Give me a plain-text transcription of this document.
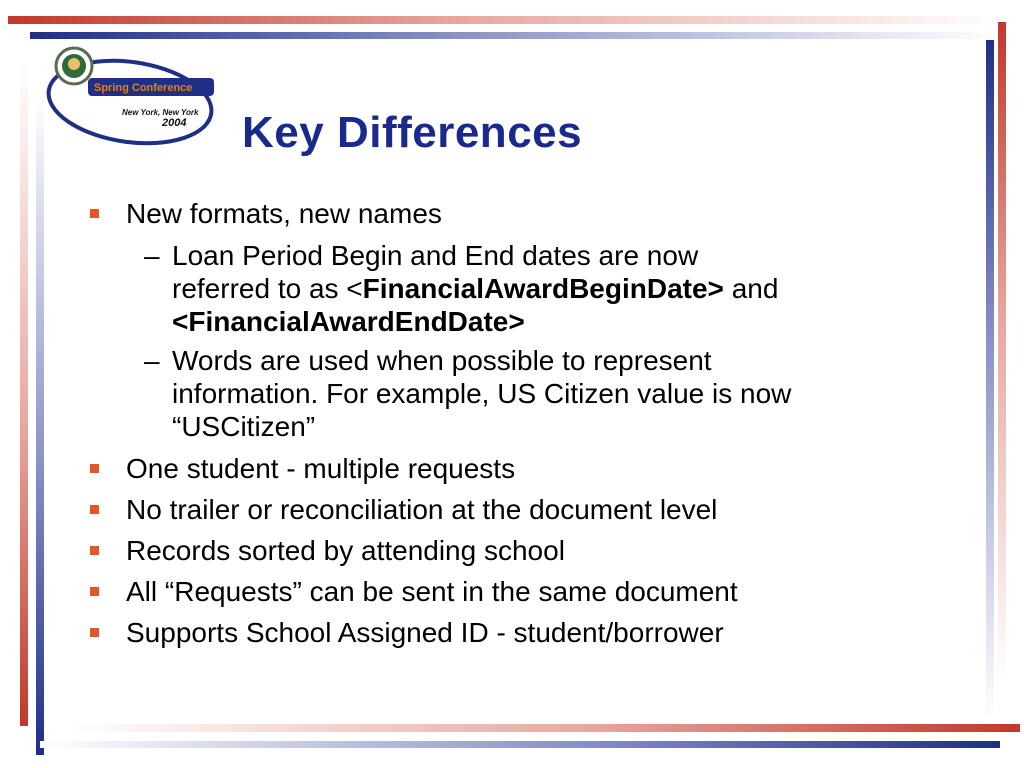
Spring Conference
New York, New York
2004 Key Differences
New formats, new names
– Loan Period Begin and End dates are now
referred to as <FinancialAwardBeginDate> and
<FinancialAwardEndDate>
– Words are used when possible to represent
information. For example, US Citizen value is now
“USCitizen”
One student - multiple requests
No trailer or reconciliation at the document level
Records sorted by attending school
All “Requests” can be sent in the same document
Supports School Assigned ID - student/borrower
